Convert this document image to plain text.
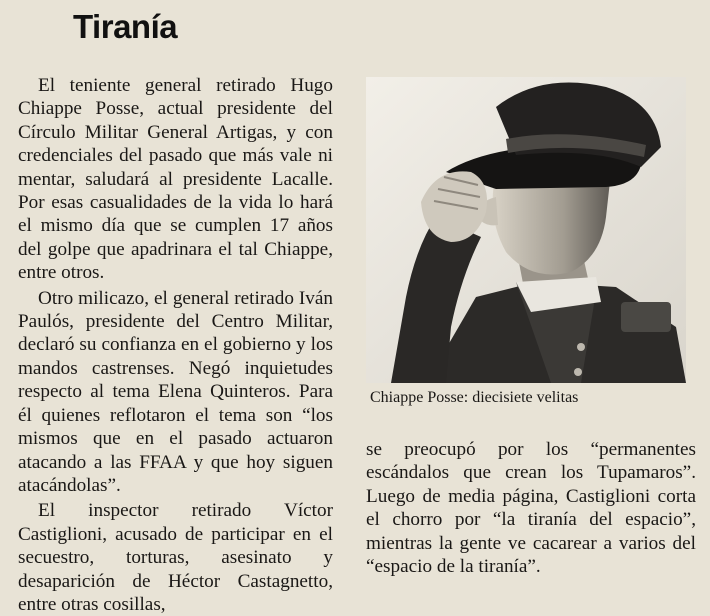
Tiranía

El teniente general retirado Hugo Chiappe Posse, actual presidente del Círculo Militar General Artigas, y con credenciales del pasado que más vale ni mentar, saludará al presidente Lacalle. Por esas casualidades de la vida lo hará el mismo día que se cumplen 17 años del golpe que apadrinara el tal Chiappe, entre otros.

Otro milicazo, el general retirado Iván Paulós, presidente del Centro Militar, declaró su confianza en el gobierno y los mandos castrenses. Negó inquietudes respecto al tema Elena Quinteros. Para él quienes reflotaron el tema son “los mismos que en el pasado actuaron atacando a las FFAA y que hoy siguen atacándolas”.

El inspector retirado Víctor Castiglioni, acusado de participar en el secuestro, torturas, asesinato y desaparición de Héctor Castagnetto, entre otras cosillas,

Chiappe Posse: diecisiete velitas

se preocupó por los “permanentes escándalos que crean los Tupamaros”. Luego de media página, Castiglioni corta el chorro por “la tiranía del espacio”, mientras la gente ve cacarear a varios del “espacio de la tiranía”.
